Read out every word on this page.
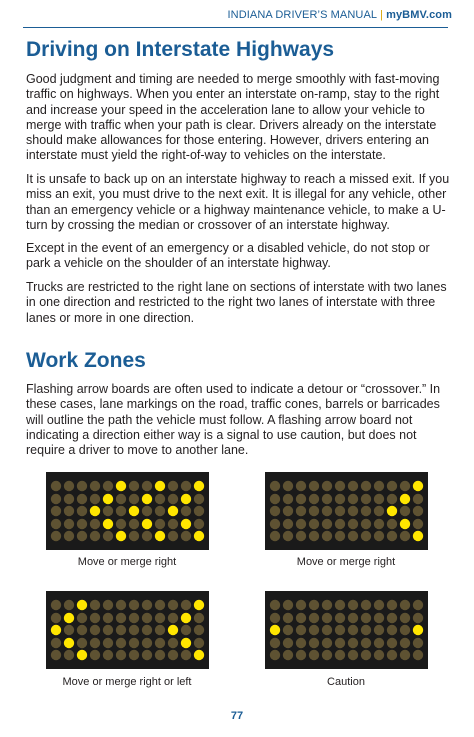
INDIANA DRIVER’S MANUAL | myBMV.com
Driving on Interstate Highways

Good judgment and timing are needed to merge smoothly with fast-moving traffic on highways. When you enter an interstate on-ramp, stay to the right and increase your speed in the acceleration lane to allow your vehicle to merge with traffic when your path is clear. Drivers already on the interstate should make allowances for those entering. However, drivers entering an interstate must yield the right-of-way to vehicles on the interstate.

It is unsafe to back up on an interstate highway to reach a missed exit. If you miss an exit, you must drive to the next exit. It is illegal for any vehicle, other than an emergency vehicle or a highway maintenance vehicle, to make a U-turn by crossing the median or crossover of an interstate highway.

Except in the event of an emergency or a disabled vehicle, do not stop or park a vehicle on the shoulder of an interstate highway.

Trucks are restricted to the right lane on sections of interstate with two lanes in one direction and restricted to the right two lanes of interstate with three lanes or more in one direction.

Work Zones

Flashing arrow boards are often used to indicate a detour or “crossover.” In these cases, lane markings on the road, traffic cones, barrels or barricades will outline the path the vehicle must follow. A flashing arrow board not indicating a direction either way is a signal to use caution, but does not require a driver to move to another lane.

Move or merge right	Move or merge right
Move or merge right or left	Caution
77
